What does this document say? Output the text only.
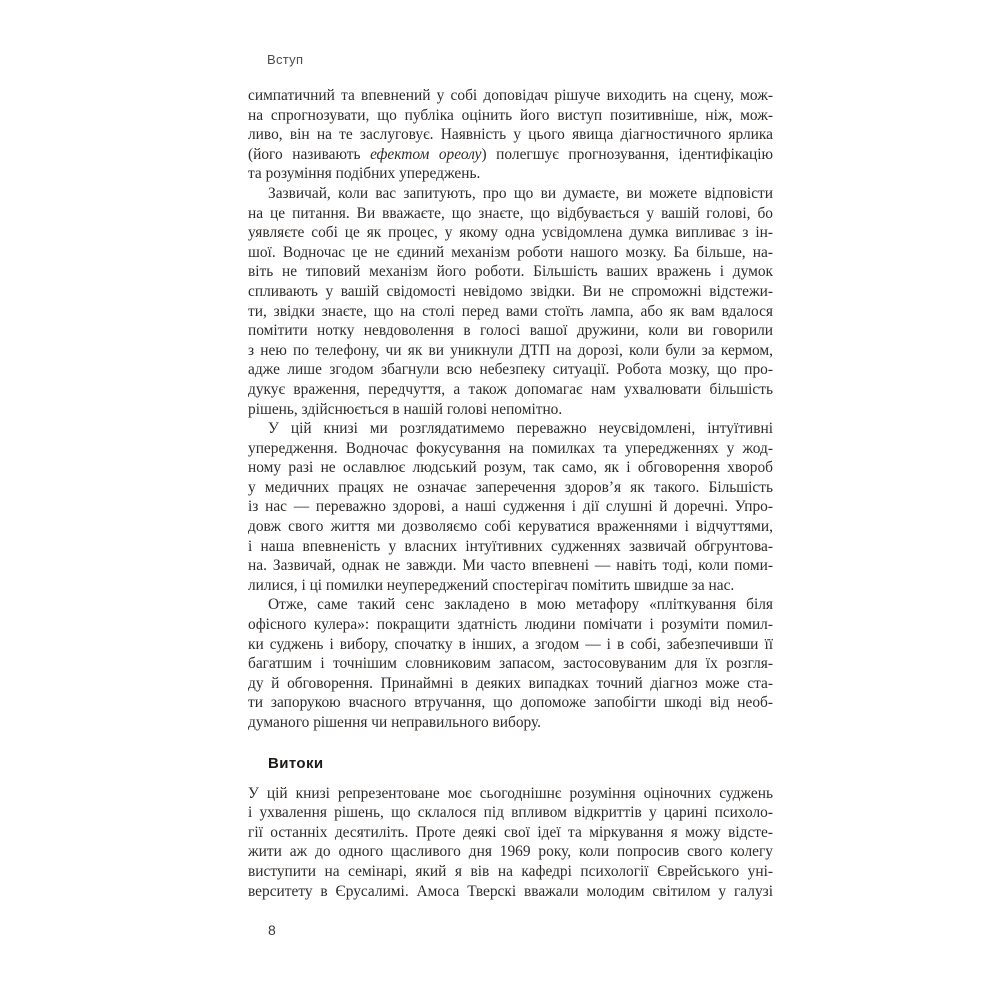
Вступ
симпатичний та впевнений у собі доповідач рішуче виходить на сцену, мож-
на спрогнозувати, що публіка оцінить його виступ позитивніше, ніж, мож-
ливо, він на те заслуговує. Наявність у цього явища діагностичного ярлика
(його називають ефектом ореолу) полегшує прогнозування, ідентифікацію
та розуміння подібних упереджень.
Зазвичай, коли вас запитують, про що ви думаєте, ви можете відповісти
на це питання. Ви вважаєте, що знаєте, що відбувається у вашій голові, бо
уявляєте собі це як процес, у якому одна усвідомлена думка випливає з ін-
шої. Водночас це не єдиний механізм роботи нашого мозку. Ба більше, на-
віть не типовий механізм його роботи. Більшість ваших вражень і думок
спливають у вашій свідомості невідомо звідки. Ви не спроможні відстежи-
ти, звідки знаєте, що на столі перед вами стоїть лампа, або як вам вдалося
помітити нотку невдоволення в голосі вашої дружини, коли ви говорили
з нею по телефону, чи як ви уникнули ДТП на дорозі, коли були за кермом,
адже лише згодом збагнули всю небезпеку ситуації. Робота мозку, що про-
дукує враження, передчуття, а також допомагає нам ухвалювати більшість
рішень, здійснюється в нашій голові непомітно.
У цій книзі ми розглядатимемо переважно неусвідомлені, інтуїтивні
упередження. Водночас фокусування на помилках та упередженнях у жод-
ному разі не ославлює людський розум, так само, як і обговорення хвороб
у медичних працях не означає заперечення здоров’я як такого. Більшість
із нас — переважно здорові, а наші судження і дії слушні й доречні. Упро-
довж свого життя ми дозволяємо собі керуватися враженнями і відчуттями,
і наша впевненість у власних інтуїтивних судженнях зазвичай обгрунтова-
на. Зазвичай, однак не завжди. Ми часто впевнені — навіть тоді, коли поми-
лилися, і ці помилки неупереджений спостерігач помітить швидше за нас.
Отже, саме такий сенс закладено в мою метафору «пліткування біля
офісного кулера»: покращити здатність людини помічати і розуміти помил-
ки суджень і вибору, спочатку в інших, а згодом — і в собі, забезпечивши її
багатшим і точнішим словниковим запасом, застосовуваним для їх розгля-
ду й обговорення. Принаймні в деяких випадках точний діагноз може ста-
ти запорукою вчасного втручання, що допоможе запобігти шкоді від необ-
думаного рішення чи неправильного вибору.
Витоки
У цій книзі репрезентоване моє сьогоднішнє розуміння оціночних суджень
і ухвалення рішень, що склалося під впливом відкриттів у царині психоло-
гії останніх десятиліть. Проте деякі свої ідеї та міркування я можу відсте-
жити аж до одного щасливого дня 1969 року, коли попросив свого колегу
виступити на семінарі, який я вів на кафедрі психології Єврейського уні-
верситету в Єрусалимі. Амоса Тверскі вважали молодим світилом у галузі
8
